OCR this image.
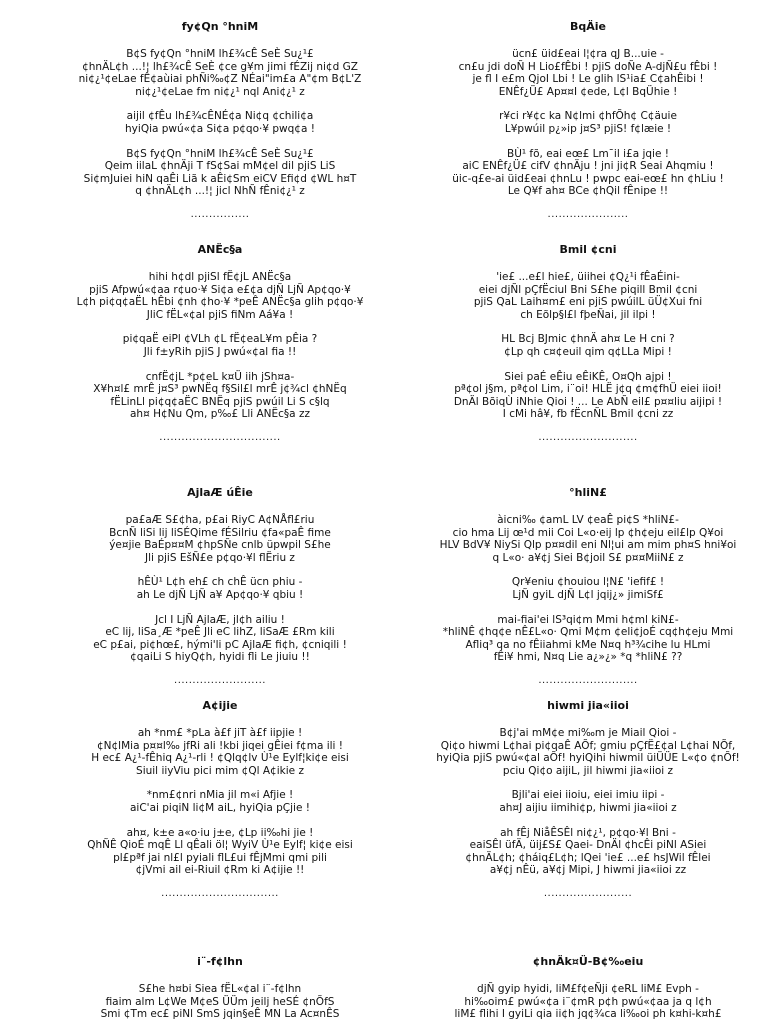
fy¢Qn °hniM
B¢S fy¢Qn °hniM lh£¾cÊ SeÈ Su¿¹£
¢hnÄL¢h ...!¦ lh£¾cÊ SeÈ ¢ce g¥m jimi fÉZij ni¢d GZ
ni¢¿¹¢eLae fÊ¢aùiai phÑi‰¢Z NÉai"im£a A"¢m B¢L'Z
ni¢¿¹¢eLae fm ni¢¿¹ nql Ani¢¿¹ z
aijil ¢fÊu lh£¾cÊNÉ¢a Ni¢q ¢chili¢a
hyiQia pwú«¢a Si¢a p¢qo·¥ pwq¢a !
B¢S fy¢Qn °hniM lh£¾cÊ SeÈ Su¿¹£
Qeim iilaL ¢hnÄji T fS¢Sai mM¢el dil pjiS LiS
Si¢mJuiei hiN qaÊi Liã k aÊi¢Sm eiCV Efi¢d ¢WL h¤T
q ¢hnÄL¢h ...!¦ jicl NhÑ fÊni¢¿¹ z
................
ANËc§a
hihi h¢dl pjiSl fË¢jL ANËc§a
pjiS Afpwú«¢aa r¢uo·¥ Si¢a e£¢a djÑ LjÑ Ap¢qo·¥
L¢h pi¢q¢aËL hÊbi ¢nh ¢ho·¥ *peÊ ANËc§a glih p¢qo·¥
JliC fËL«¢al pjiS fiNm Aá¥a !
pi¢qaË eiPl ¢VLh ¢L fË¢eaL¥m pÊia ?
Jli f±yRih pjiS J pwú«¢al fia !!
cnfË¢jL *p¢eL k¤Ü iih jSh¤a-
X¥h¤l£ mrÊ j¤S³ pwNËq f§Sil£l mrÊ j¢¾cl ¢hNËq
fËLinLl pi¢q¢aËC BNËq pjiS pwúil Li S c§lq
ah¤ H¢Nu Qm, p‰£ Lli ANËc§a zz
.................................
AjlaÆ úÊie
pa£aÆ S£¢ha, p£ai RiyC A¢NÅfl£riu
BcnÑ liSi lij liSÉQime fÉSilriu ¢fa«paÊ fime
ýe¤jie BaÉp¤¤M ¢hpSÑe cnlb üpwpil S£he
Jli pjiS EšÑ£e p¢qo·¥l flËriu z
hÊÙ¹ L¢h eh£ ch chÊ ücn phiu -
ah Le djÑ LjÑ a¥ Ap¢qo·¥ qbiu !
Jcl I LjÑ AjlaÆ, jl¢h ailiu !
eC lij, liSa¸Æ *peÊ Jli eC lihZ, liSaÆ £Rm kili
eC p£ai, pi¢hœ£, hými'li pC AjlaÆ fi¢h, ¢cniqili !
¢qaiLi S hiyQ¢h, hyidi fli Le jiuiu !!
.........................
A¢ijie
ah *nm£ *pLa à£f jiT à£f iipjie !
¢N¢lMia p¤¤l‰ jfRi ali !kbi jiqei gÊiei f¢ma ili !
H ec£ A¿¹-fÊhiq A¿¹-rli ! ¢Qlq¢lv Ù¹e Eylf¦ki¢e eisi
Siuil iiyViu pici mim ¢Ql A¢ikie z
*nm£¢nri nMia jil m«i Afjie !
aiC'ai piqiN li¢M aiL, hyiQia pÇjie !
ah¤, k±e a«o·iu j±e, ¢Lp ii‰hi jie !
QhÑÊ QioÉ mqÊ Ll qÊali öl¦ WyiV Ù¹e Eylf¦ ki¢e eisi
pl£pªf jai nl£l pyiali flL£ui fÊjMmi qmi pili
¢jVmi ail ei-Riuil ¢Rm ki A¢ijie !!
................................
i¨-f¢lhn
S£he h¤bi Siea fËL«¢al i¨-f¢lhn
fiaim alm L¢We M¢eS ÜÜm jeilj heSÉ ¢nÕfS
Smi ¢Tm ec£ piNl SmS jqin§eÊ MN La Ac¤nÊS
BqÄie
ücn£ üid£eai l¦¢ra qJ B...uie -
cn£u jdi doÑ H Lio£fÊbi ! pjiS doÑe A-djÑ£u fÊbi !
je fl I e£m QjoI Lbi ! Le glih lS¹ia£ C¢ahÊibi !
ENÊf¿Ü£ Ap¤¤I ¢ede, L¢l BqÜhie !
r¥ci r¥¢c ka N¢lmi ¢hfÕh¢ C¢äuie
L¥pwúil p¿»ip j¤S³ pjiS! f¢læie !
BÙ¹ fõ, eai eœ£ Lm¯il i£a jqie !
aiC ENÊf¿Ü£ cifV ¢hnÄju ! jni ji¢R Seai Ahqmiu !
üic-q£e-ai üid£eai ¢hnLu ! pwpc eai-eœ£ hn ¢hLiu !
Le Q¥f ah¤ BCe ¢hQil fÊnipe !!
......................
Bmil ¢cni
'ie£ ...e£l hie£, üiihei ¢Q¿¹i fÊaÉini-
eiei djÑl pÇfËciul Bni S£he piqill Bmil ¢cni
pjiS QaL Laih¤m£ eni pjiS pwúilL üÜ¢Xui fni
ch Eõlp§l£l fþeÑai, jil ilpi !
HL Bcj BJmic ¢hnÄ ah¤ Le H cni ?
¢Lp qh c¤¢euil qim q¢LLa Mipi !
Siei paÉ eÊiu eÊiKÊ, O¤Qh ajpi !
pª¢ol j§m, pª¢ol Lim, i¨oi! HLË j¢q ¢m¢fhÜ eiei iioi!
DnÄl BõiqÙ iNhie Qioi ! ... Le AbÑ eil£ p¤¤liu aijipi !
I cMi hâ¥, fb fËcnÑL Bmil ¢cni zz
...........................
°hliN£
àicni‰ ¢amL LV ¢eaÊ pi¢S *hliN£-
cio hma Lij œ¹d mii Coi L«o·eij lp ¢h¢eju eil£lp Q¥oi
HLV BdV¥ NiySi Qlp p¤¤dil eni Nl¦ui am mim ph¤S hni¥oi
q L«o· a¥¢j Siei B¢joil S£ p¤¤MiiN£ z
Qr¥eniu ¢houiou l¦N£ 'iefif£ !
LjÑ gyiL djÑ L¢l jqij¿» jimiSf£
mai-fiai'ei lS³qi¢m Mmi h¢ml kiN£-
*hliNÊ ¢hq¢e nÊ£L«o· Qmi M¢m ¢eli¢joÉ cq¢h¢eju Mmi
Afliq³ qa no fÊiiahmi kMe N¤q h³¾cihe lu HLmi
fÊi¥ hmi, N¤q Lie a¿»¿» *q *hliN£ ??
...........................
hiwmi jia«iioi
B¢j'ai mM¢e mi‰m je Miail Qioi -
Qi¢o hiwmi L¢hai pi¢qaÊ AÕf; gmiu pÇfË£¢al L¢hai NÕf,
hyiQia pjiS pwú«¢al aÕf! hyiQihi hiwmil üiÜÜE L«¢o ¢nÕf!
pciu Qi¢o aijiL, jil hiwmi jia«iioi z
Bjli'ai eiei iioiu, eiei imiu iipi -
ah¤J aijiu iimihi¢p, hiwmi jia«iioi z
ah fÊj NiåÊSÊl ni¢¿¹, p¢qo·¥l Bni -
eaiSÊl üfÄ, üij£S£ Qaei- DnÄl ¢hcÊi piNl ASiei
¢hnÄL¢h; ¢háiq£L¢h; lQei 'ie£ ...e£ hsJWil fÊlei
a¥¢j nÊü, a¥¢j Mipi, J hiwmi jia«iioi zz
........................
¢hnÄk¤Ü-B¢‰eiu
djÑ gyip hyidi, liM£f¢eÑji ¢eRL liM£ Evph -
hi‰oim£ pwú«¢a i¨¢mR p¢h pwú«¢aa ja q l¢h
liM£ flihi I gyiLi qia ii¢h jq¢¾ca li‰oi ph k¤hi-k¤h£
